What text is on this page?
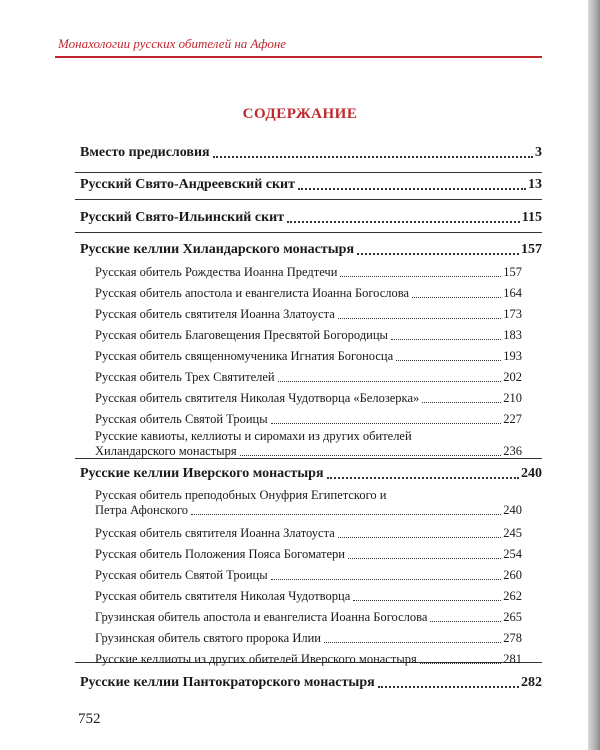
Монахологии русских обителей на Афоне
СОДЕРЖАНИЕ
Вместо предисловия	3
Русский Свято-Андреевский скит	13
Русский Свято-Ильинский скит	115
Русские келлии Хиландарского монастыря	157
Русская обитель Рождества Иоанна Предтечи	157
Русская обитель апостола и евангелиста Иоанна Богослова	164
Русская обитель святителя Иоанна Златоуста	173
Русская обитель Благовещения Пресвятой Богородицы	183
Русская обитель священномученика Игнатия Богоносца	193
Русская обитель Трех Святителей	202
Русская обитель святителя Николая Чудотворца «Белозерка»	210
Русская обитель Святой Троицы	227
Русские кавиоты, келлиоты и сиромахи из других обителей
Хиландарского монастыря	236
Русские келлии Иверского монастыря	240
Русская обитель преподобных Онуфрия Египетского и
Петра Афонского	240
Русская обитель святителя Иоанна Златоуста	245
Русская обитель Положения Пояса Богоматери	254
Русская обитель Святой Троицы	260
Русская обитель святителя Николая Чудотворца	262
Грузинская обитель апостола и евангелиста Иоанна Богослова	265
Грузинская обитель святого пророка Илии	278
Русские келлиоты из других обителей Иверского монастыря	281
Русские келлии Пантократорского монастыря	282
752
